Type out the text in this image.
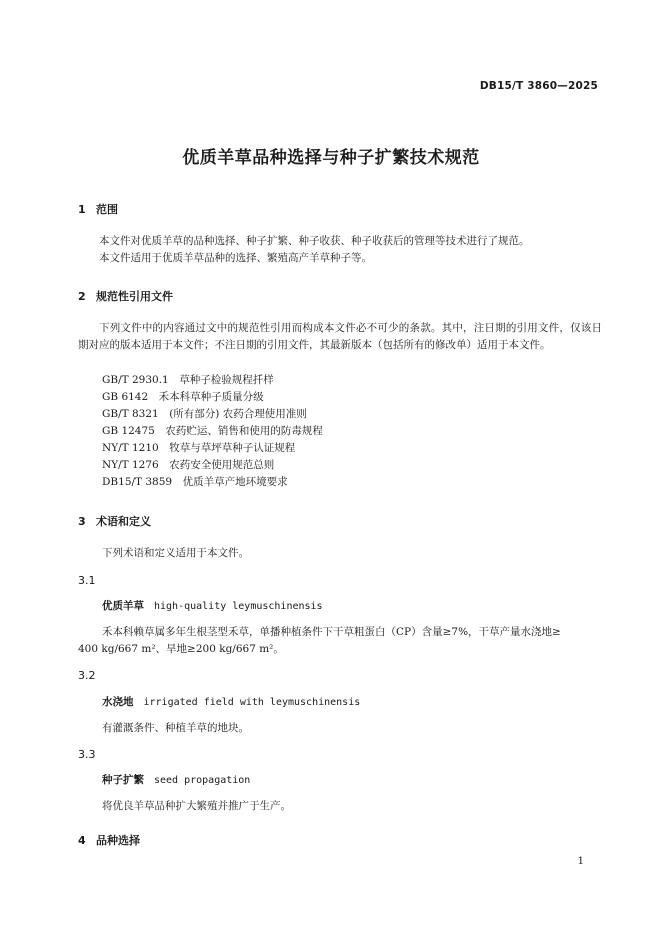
DB15/T 3860—2025
优质羊草品种选择与种子扩繁技术规范
1 范围
本文件对优质羊草的品种选择、种子扩繁、种子收获、种子收获后的管理等技术进行了规范。
本文件适用于优质羊草品种的选择、繁殖高产羊草种子等。
2 规范性引用文件
下列文件中的内容通过文中的规范性引用而构成本文件必不可少的条款。其中，注日期的引用文件，仅该日期对应的版本适用于本文件；不注日期的引用文件，其最新版本（包括所有的修改单）适用于本文件。
GB/T 2930.1　草种子检验规程扦样
GB 6142　禾本科草种子质量分级
GB/T 8321　(所有部分) 农药合理使用准则
GB 12475　农药贮运、销售和使用的防毒规程
NY/T 1210　牧草与草坪草种子认证规程
NY/T 1276　农药安全使用规范总则
DB15/T 3859　优质羊草产地环境要求
3 术语和定义
下列术语和定义适用于本文件。
3.1
优质羊草 high-quality leymuschinensis
禾本科赖草属多年生根茎型禾草，单播种植条件下干草粗蛋白（CP）含量≥7%，干草产量水浇地≥
400 kg/667 m²、旱地≥200 kg/667 m²。
3.2
水浇地 irrigated field with leymuschinensis
有灌溉条件、种植羊草的地块。
3.3
种子扩繁 seed propagation
将优良羊草品种扩大繁殖并推广于生产。
4 品种选择
1
